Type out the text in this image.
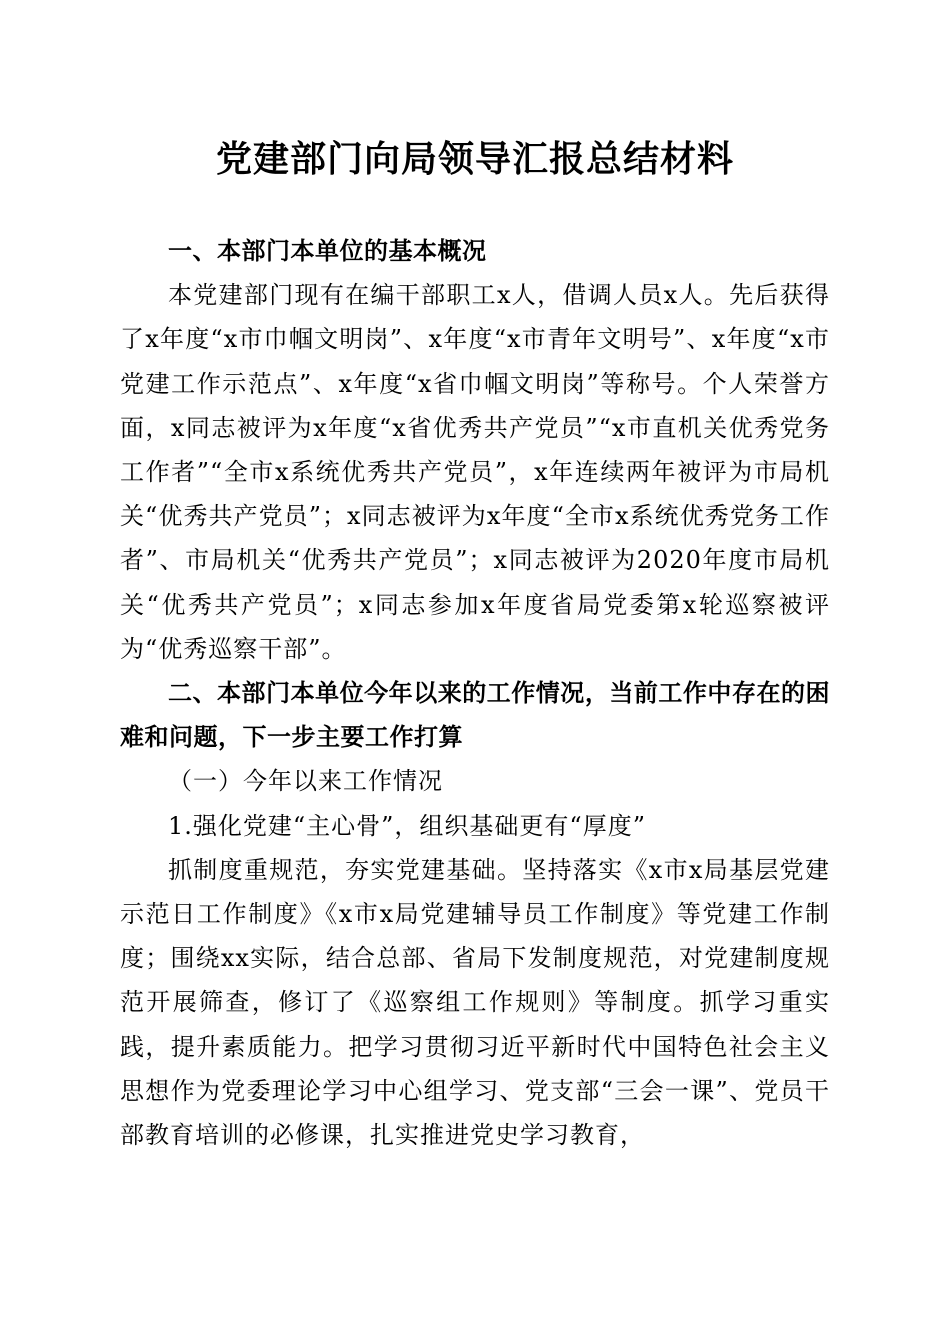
党建部门向局领导汇报总结材料

一、本部门本单位的基本概况

本党建部门现有在编干部职工x人，借调人员x人。先后获得了x年度“x市巾帼文明岗”、x年度“x市青年文明号”、x年度“x市党建工作示范点”、x年度“x省巾帼文明岗”等称号。个人荣誉方面，x同志被评为x年度“x省优秀共产党员”“x市直机关优秀党务工作者”“全市x系统优秀共产党员”，x年连续两年被评为市局机关“优秀共产党员”；x同志被评为x年度“全市x系统优秀党务工作者”、市局机关“优秀共产党员”；x同志被评为2020年度市局机关“优秀共产党员”；x同志参加x年度省局党委第x轮巡察被评为“优秀巡察干部”。

二、本部门本单位今年以来的工作情况，当前工作中存在的困难和问题，下一步主要工作打算

（一）今年以来工作情况

1.强化党建“主心骨”，组织基础更有“厚度”

抓制度重规范，夯实党建基础。坚持落实《x市x局基层党建示范日工作制度》《x市x局党建辅导员工作制度》等党建工作制度；围绕xx实际，结合总部、省局下发制度规范，对党建制度规范开展筛查，修订了《巡察组工作规则》等制度。抓学习重实践，提升素质能力。把学习贯彻习近平新时代中国特色社会主义思想作为党委理论学习中心组学习、党支部“三会一课”、党员干部教育培训的必修课，扎实推进党史学习教育，
